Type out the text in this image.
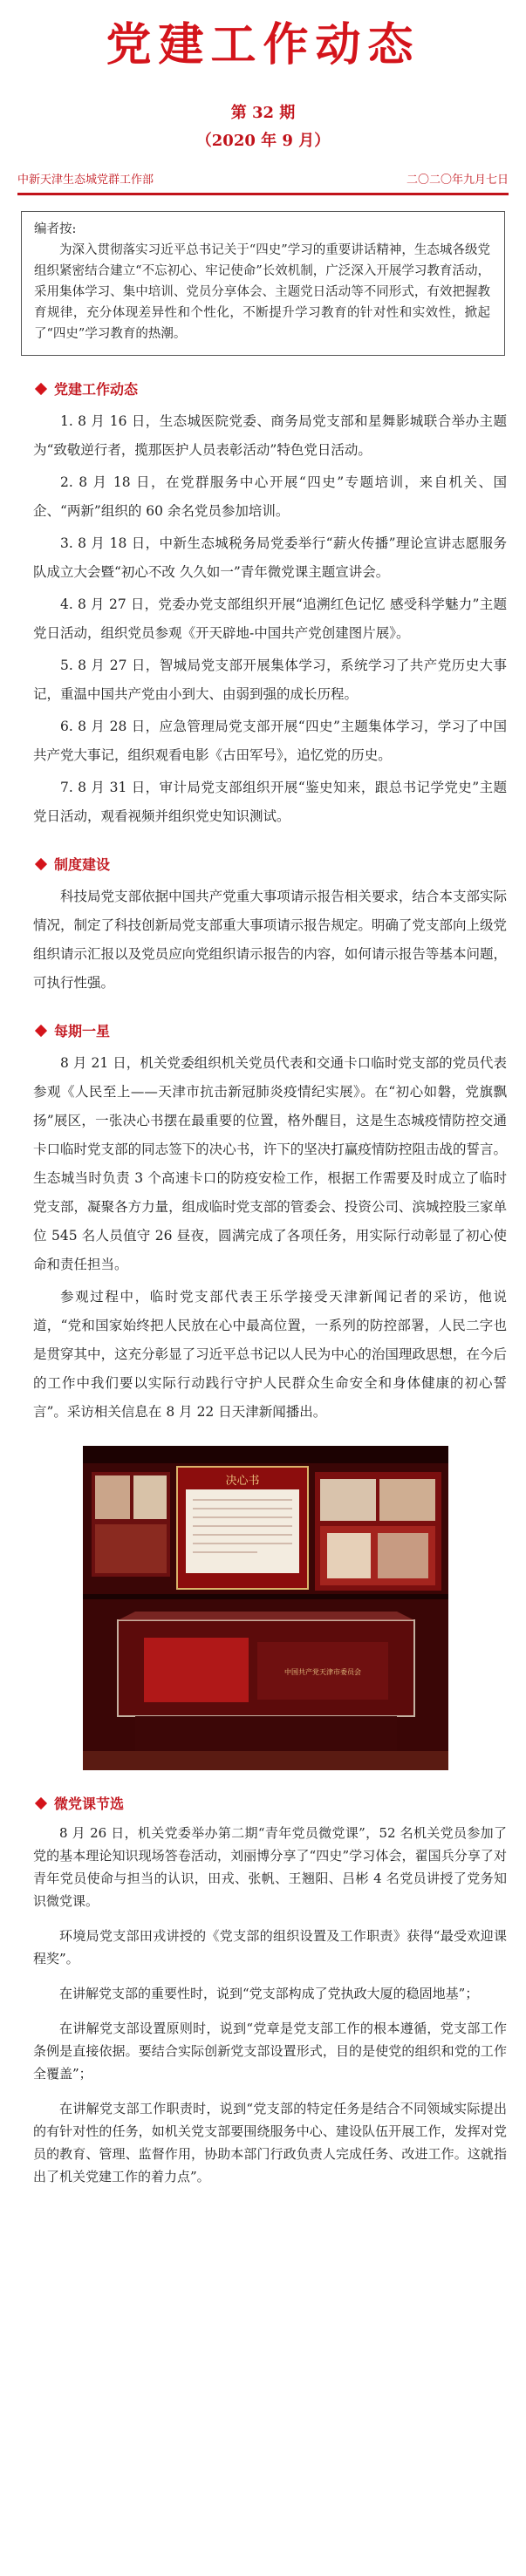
党建工作动态
第 32 期
（2020 年 9 月）
中新天津生态城党群工作部	二〇二〇年九月七日
编者按:
为深入贯彻落实习近平总书记关于“四史”学习的重要讲话精神，生态城各级党组织紧密结合建立“不忘初心、牢记使命”长效机制，广泛深入开展学习教育活动，采用集体学习、集中培训、党员分享体会、主题党日活动等不同形式，有效把握教育规律，充分体现差异性和个性化，不断提升学习教育的针对性和实效性，掀起了“四史”学习教育的热潮。
党建工作动态

1. 8 月 16 日，生态城医院党委、商务局党支部和星舞影城联合举办主题为“致敬逆行者，揽那医护人员表彰活动”特色党日活动。

2. 8 月 18 日，在党群服务中心开展“四史”专题培训，来自机关、国企、“两新”组织的 60 余名党员参加培训。

3. 8 月 18 日，中新生态城税务局党委举行“薪火传播”理论宣讲志愿服务队成立大会暨“初心不改 久久如一”青年微党课主题宣讲会。

4. 8 月 27 日，党委办党支部组织开展“追溯红色记忆 感受科学魅力”主题党日活动，组织党员参观《开天辟地-中国共产党创建图片展》。

5. 8 月 27 日，智城局党支部开展集体学习，系统学习了共产党历史大事记，重温中国共产党由小到大、由弱到强的成长历程。

6. 8 月 28 日，应急管理局党支部开展“四史”主题集体学习，学习了中国共产党大事记，组织观看电影《古田军号》，追忆党的历史。

7. 8 月 31 日，审计局党支部组织开展“鉴史知来，跟总书记学党史”主题党日活动，观看视频并组织党史知识测试。

制度建设

科技局党支部依据中国共产党重大事项请示报告相关要求，结合本支部实际情况，制定了科技创新局党支部重大事项请示报告规定。明确了党支部向上级党组织请示汇报以及党员应向党组织请示报告的内容，如何请示报告等基本问题，可执行性强。

每期一星

8 月 21 日，机关党委组织机关党员代表和交通卡口临时党支部的党员代表参观《人民至上——天津市抗击新冠肺炎疫情纪实展》。在“初心如磐，党旗飘扬”展区，一张决心书摆在最重要的位置，格外醒目，这是生态城疫情防控交通卡口临时党支部的同志签下的决心书，许下的坚决打赢疫情防控阻击战的誓言。生态城当时负责 3 个高速卡口的防疫安检工作，根据工作需要及时成立了临时党支部，凝聚各方力量，组成临时党支部的管委会、投资公司、滨城控股三家单位 545 名人员值守 26 昼夜，圆满完成了各项任务，用实际行动彰显了初心使命和责任担当。

参观过程中，临时党支部代表王乐学接受天津新闻记者的采访，他说道，“党和国家始终把人民放在心中最高位置，一系列的防控部署，人民二字也是贯穿其中，这充分彰显了习近平总书记以人民为中心的治国理政思想，在今后的工作中我们要以实际行动践行守护人民群众生命安全和身体健康的初心誓言”。采访相关信息在 8 月 22 日天津新闻播出。

决心书
中国共产党天津市委员会
微党课节选

8 月 26 日，机关党委举办第二期“青年党员微党课”，52 名机关党员参加了党的基本理论知识现场答卷活动，刘丽博分享了“四史”学习体会，翟国兵分享了对青年党员使命与担当的认识，田戎、张帆、王翘阳、吕彬 4 名党员讲授了党务知识微党课。

环境局党支部田戎讲授的《党支部的组织设置及工作职责》获得“最受欢迎课程奖”。

在讲解党支部的重要性时，说到“党支部构成了党执政大厦的稳固地基”；

在讲解党支部设置原则时，说到“党章是党支部工作的根本遵循，党支部工作条例是直接依据。要结合实际创新党支部设置形式，目的是使党的组织和党的工作全覆盖”；

在讲解党支部工作职责时，说到“党支部的特定任务是结合不同领域实际提出的有针对性的任务，如机关党支部要围绕服务中心、建设队伍开展工作，发挥对党员的教育、管理、监督作用，协助本部门行政负责人完成任务、改进工作。这就指出了机关党建工作的着力点”。
